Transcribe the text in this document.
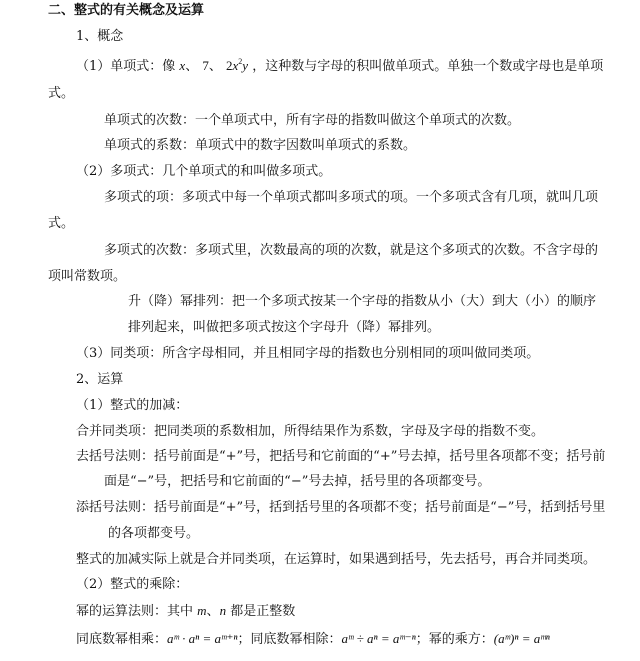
二、整式的有关概念及运算
1、概念
（1）单项式：像 x、 7、 $2x^2y$ ，这种数与字母的积叫做单项式。单独一个数或字母也是单项
式。
单项式的次数：一个单项式中，所有字母的指数叫做这个单项式的次数。
单项式的系数：单项式中的数字因数叫单项式的系数。
（2）多项式：几个单项式的和叫做多项式。
多项式的项：多项式中每一个单项式都叫多项式的项。一个多项式含有几项，就叫几项
式。
多项式的次数：多项式里，次数最高的项的次数，就是这个多项式的次数。不含字母的
项叫常数项。
升（降）幂排列：把一个多项式按某一个字母的指数从小（大）到大（小）的顺序
排列起来，叫做把多项式按这个字母升（降）幂排列。
（3）同类项：所含字母相同，并且相同字母的指数也分别相同的项叫做同类项。
2、运算
（1）整式的加减：
合并同类项：把同类项的系数相加，所得结果作为系数，字母及字母的指数不变。
去括号法则：括号前面是“+”号，把括号和它前面的“+”号去掉，括号里各项都不变；括号前
面是“−”号，把括号和它前面的“−”号去掉，括号里的各项都变号。
添括号法则：括号前面是“+”号，括到括号里的各项都不变；括号前面是“−”号，括到括号里
的各项都变号。
整式的加减实际上就是合并同类项，在运算时，如果遇到括号，先去括号，再合并同类项。
（2）整式的乘除：
幂的运算法则：其中 m、n 都是正整数
同底数幂相乘：aᵐ · aⁿ = aᵐ⁺ⁿ；同底数幂相除：aᵐ ÷ aⁿ = aᵐ⁻ⁿ；幂的乘方：(aᵐ)ⁿ = aᵐⁿ
